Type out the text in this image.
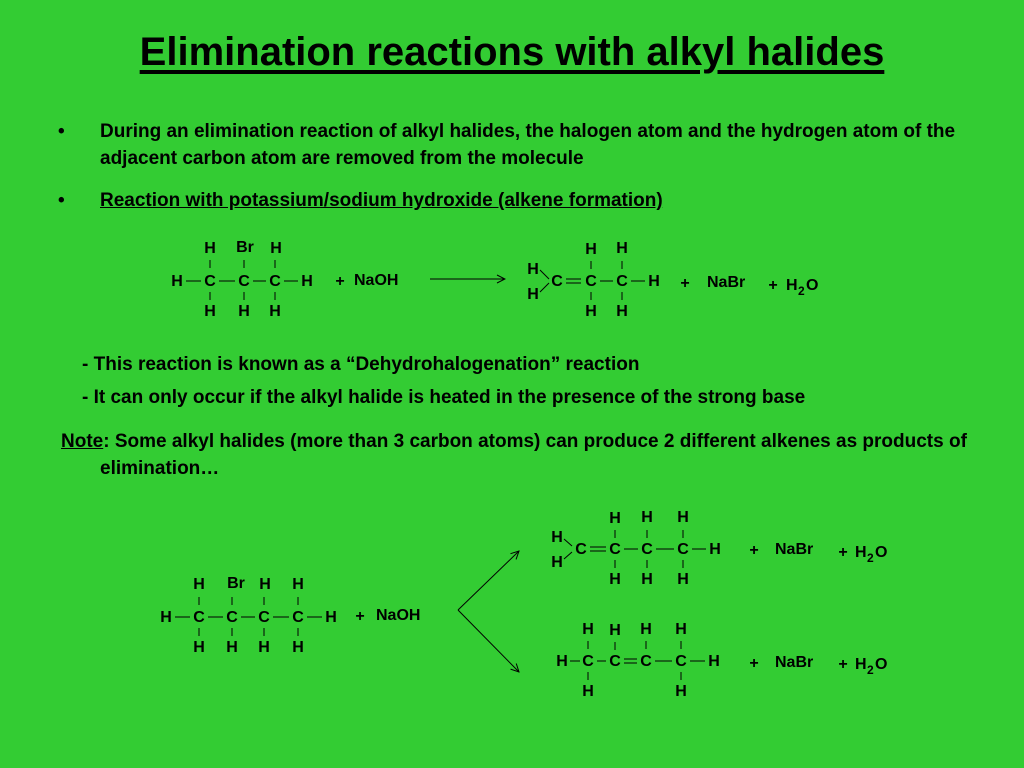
Elimination reactions with alkyl halides
• During an elimination reaction of alkyl halides, the halogen atom and the hydrogen atom of the adjacent carbon atom are removed from the molecule
• Reaction with potassium/sodium hydroxide (alkene formation)
- This reaction is known as a “Dehydrohalogenation” reaction
- It can only occur if the alkyl halide is heated in the presence of the strong base
Note: Some alkyl halides (more than 3 carbon atoms) can produce 2 different alkenes as products of elimination…
H Br H
H C C C H
H H H
+ NaOH
H H
H
H
C C C H
H H
+ NaBr + H 2 O
H Br H H
H C C C C H
H H H H
+ NaOH
H H H
H
H
C C C C H
H H H
+ NaBr + H 2 O
H H H H
H C C C C H
H	H
+ NaBr + H 2 O
